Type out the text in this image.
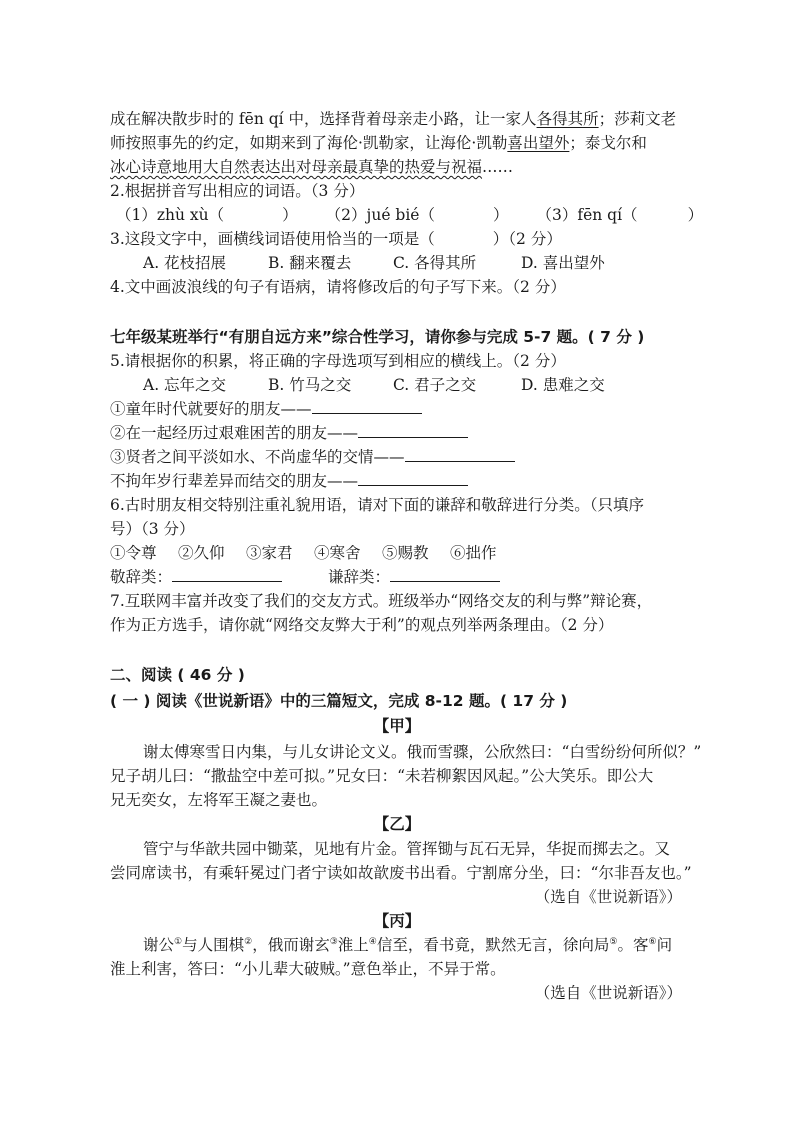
成在解决散步时的 fēn qí 中，选择背着母亲走小路，让一家人各得其所；莎莉文老
师按照事先的约定，如期来到了海伦·凯勒家，让海伦·凯勒喜出望外；泰戈尔和
冰心诗意地用大自然表达出对母亲最真挚的热爱与祝福……
2.根据拼音写出相应的词语。（3 分）
（1）zhù xù（	） （2）jué bié（	） （3）fēn qí（	）
3.这段文字中，画横线词语使用恰当的一项是（	）（2 分）
A. 花枝招展	B. 翻来覆去	C. 各得其所	D. 喜出望外
4.文中画波浪线的句子有语病，请将修改后的句子写下来。（2 分）
七年级某班举行“有朋自远方来”综合性学习，请你参与完成 5-7 题。( 7 分 )
5.请根据你的积累，将正确的字母选项写到相应的横线上。（2 分）
A. 忘年之交	B. 竹马之交	C. 君子之交	D. 患难之交
①童年时代就要好的朋友——
②在一起经历过艰难困苦的朋友——
③贤者之间平淡如水、不尚虚华的交情——
不拘年岁行辈差异而结交的朋友——
6.古时朋友相交特别注重礼貌用语，请对下面的谦辞和敬辞进行分类。（只填序
号）（3 分）
①令尊 ②久仰 ③家君 ④寒舍 ⑤赐教 ⑥拙作
敬辞类：	谦辞类：
7.互联网丰富并改变了我们的交友方式。班级举办“网络交友的利与弊”辩论赛，
作为正方选手，请你就“网络交友弊大于利”的观点列举两条理由。（2 分）
二、阅读 ( 46 分 )
( 一 ) 阅读《世说新语》中的三篇短文，完成 8-12 题。( 17 分 )
【甲】
谢太傅寒雪日内集，与儿女讲论文义。俄而雪骤，公欣然曰：“白雪纷纷何所似？”
兄子胡儿曰：“撒盐空中差可拟。”兄女曰：“未若柳絮因风起。”公大笑乐。即公大
兄无奕女，左将军王凝之妻也。
【乙】
管宁与华歆共园中锄菜，见地有片金。管挥锄与瓦石无异，华捉而掷去之。又
尝同席读书，有乘轩冕过门者宁读如故歆废书出看。宁割席分坐，曰：“尔非吾友也。”
（选自《世说新语》）
【丙】
谢公①与人围棋②，俄而谢玄③淮上④信至，看书竟，默然无言，徐向局⑤。客⑥问
淮上利害，答曰：“小儿辈大破贼。”意色举止，不异于常。
（选自《世说新语》）
